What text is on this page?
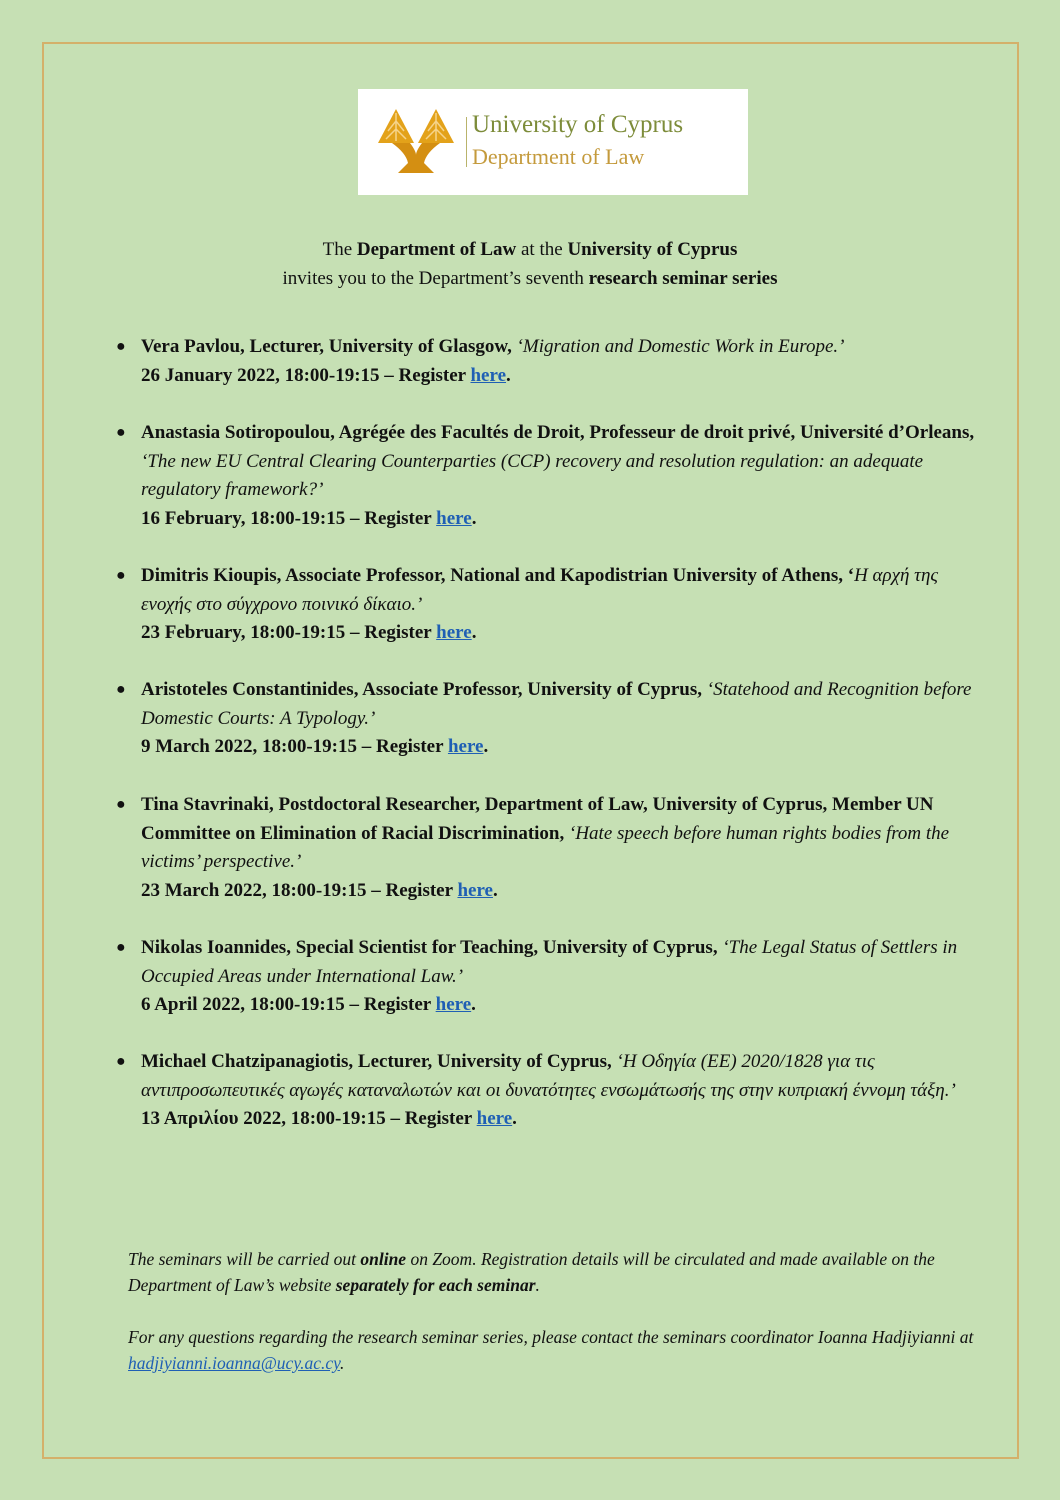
University of Cyprus
Department of Law
The Department of Law at the University of Cyprus
invites you to the Department’s seventh research seminar series
● Vera Pavlou, Lecturer, University of Glasgow, ‘Migration and Domestic Work in Europe.’
26 January 2022, 18:00-19:15 – Register here.
● Anastasia Sotiropoulou, Agrégée des Facultés de Droit, Professeur de droit privé, Université d’Orleans, ‘The new EU Central Clearing Counterparties (CCP) recovery and resolution regulation: an adequate regulatory framework?’
16 February, 18:00-19:15 – Register here.
● Dimitris Kioupis, Associate Professor, National and Kapodistrian University of Athens, ‘Η αρχή της ενοχής στο σύγχρονο ποινικό δίκαιο.’
23 February, 18:00-19:15 – Register here.
● Aristoteles Constantinides, Associate Professor, University of Cyprus, ‘Statehood and Recognition before Domestic Courts: A Typology.’
9 March 2022, 18:00-19:15 – Register here.
● Tina Stavrinaki, Postdoctoral Researcher, Department of Law, University of Cyprus, Member UN Committee on Elimination of Racial Discrimination, ‘Hate speech before human rights bodies from the victims’ perspective.’
23 March 2022, 18:00-19:15 – Register here.
● Nikolas Ioannides, Special Scientist for Teaching, University of Cyprus, ‘The Legal Status of Settlers in Occupied Areas under International Law.’
6 April 2022, 18:00-19:15 – Register here.
● Michael Chatzipanagiotis, Lecturer, University of Cyprus, ‘Η Οδηγία (ΕΕ) 2020/1828 για τις αντιπροσωπευτικές αγωγές καταναλωτών και οι δυνατότητες ενσωμάτωσής της στην κυπριακή έννομη τάξη.’
13 Απριλίου 2022, 18:00-19:15 – Register here.
The seminars will be carried out online on Zoom. Registration details will be circulated and made available on the Department of Law’s website separately for each seminar.
For any questions regarding the research seminar series, please contact the seminars coordinator Ioanna Hadjiyianni at hadjiyianni.ioanna@ucy.ac.cy.
